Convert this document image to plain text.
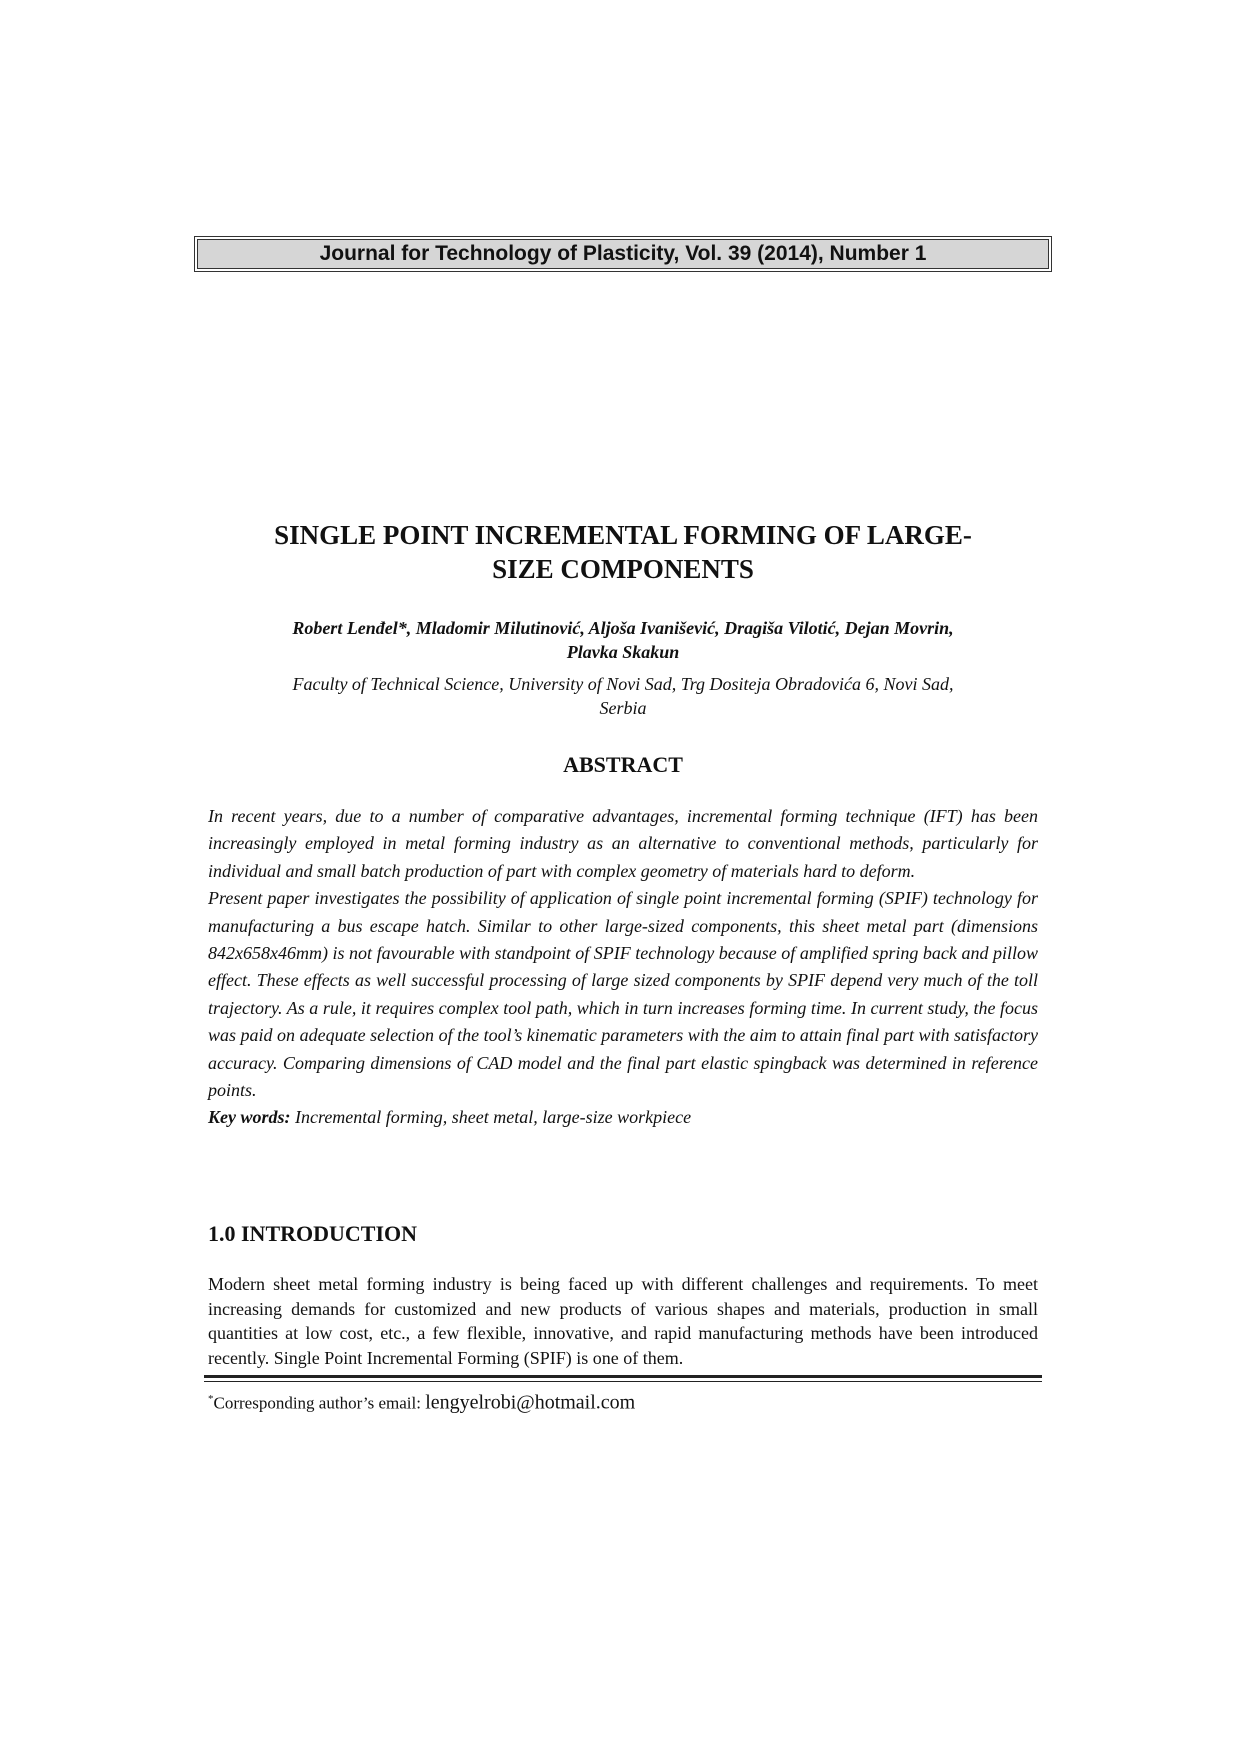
Journal for Technology of Plasticity, Vol. 39 (2014), Number 1
SINGLE POINT INCREMENTAL FORMING OF LARGE-
SIZE COMPONENTS

Robert Lenđel*, Mladomir Milutinović, Aljoša Ivanišević, Dragiša Vilotić, Dejan Movrin,
Plavka Skakun

Faculty of Technical Science, University of Novi Sad, Trg Dositeja Obradovića 6, Novi Sad,
Serbia

ABSTRACT

In recent years, due to a number of comparative advantages, incremental forming technique (IFT) has been increasingly employed in metal forming industry as an alternative to conventional methods, particularly for individual and small batch production of part with complex geometry of materials hard to deform.

Present paper investigates the possibility of application of single point incremental forming (SPIF) technology for manufacturing a bus escape hatch. Similar to other large-sized components, this sheet metal part (dimensions 842x658x46mm) is not favourable with standpoint of SPIF technology because of amplified spring back and pillow effect. These effects as well successful processing of large sized components by SPIF depend very much of the toll trajectory. As a rule, it requires complex tool path, which in turn increases forming time. In current study, the focus was paid on adequate selection of the tool’s kinematic parameters with the aim to attain final part with satisfactory accuracy. Comparing dimensions of CAD model and the final part elastic spingback was determined in reference points.

Key words: Incremental forming, sheet metal, large-size workpiece

1.0 INTRODUCTION

Modern sheet metal forming industry is being faced up with different challenges and requirements. To meet increasing demands for customized and new products of various shapes and materials, production in small quantities at low cost, etc., a few flexible, innovative, and rapid manufacturing methods have been introduced recently. Single Point Incremental Forming (SPIF) is one of them.

*Corresponding author’s email: lengyelrobi@hotmail.com
